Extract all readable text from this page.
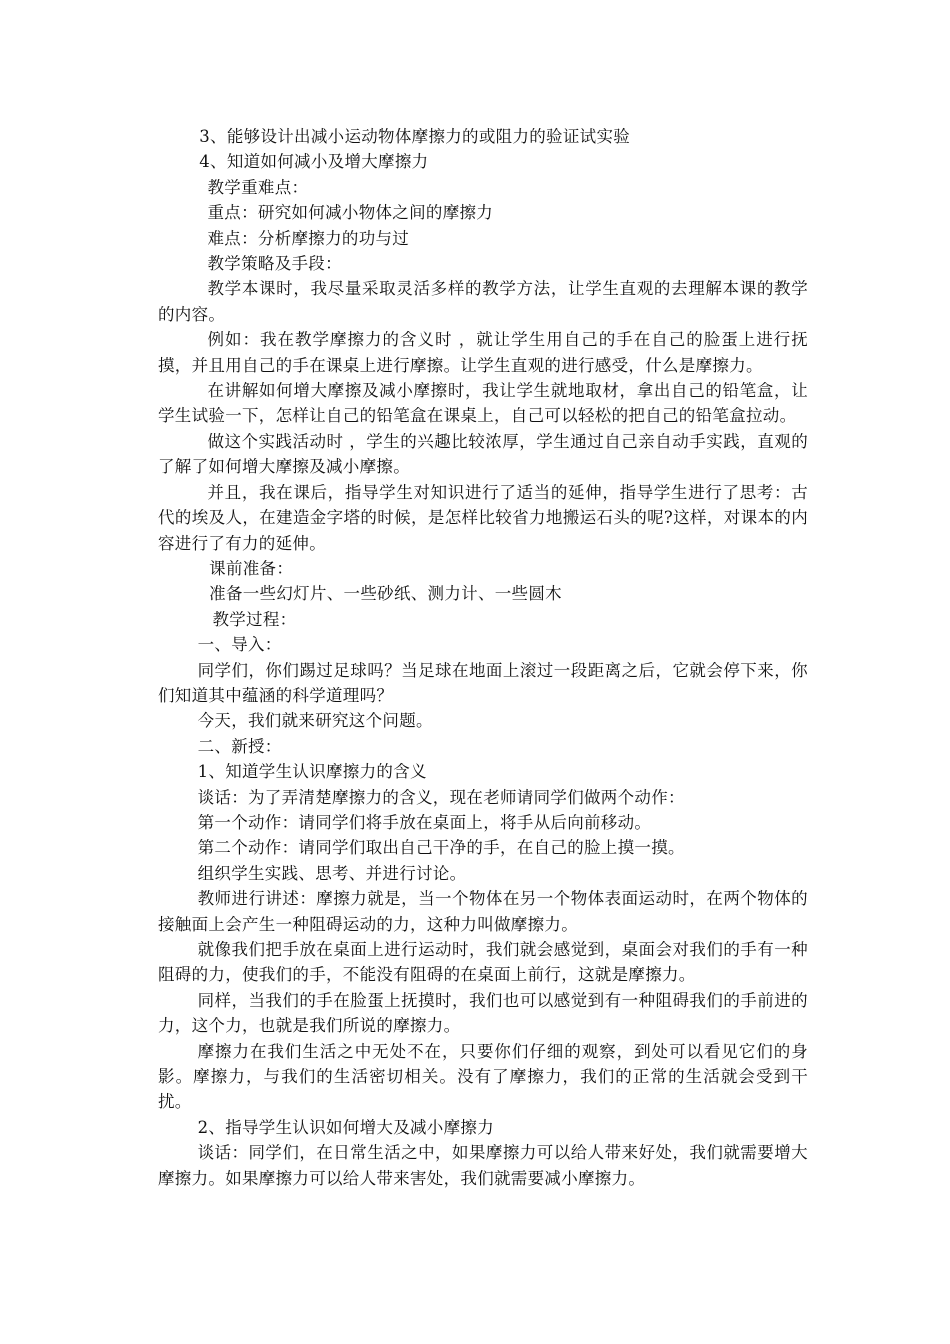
3、能够设计出减小运动物体摩擦力的或阻力的验证试实验

4、知道如何减小及增大摩擦力

教学重难点：

重点：研究如何减小物体之间的摩擦力

难点：分析摩擦力的功与过

教学策略及手段：

教学本课时，我尽量采取灵活多样的教学方法，让学生直观的去理解本课的教学的内容。

例如：我在教学摩擦力的含义时 ，就让学生用自己的手在自己的脸蛋上进行抚摸，并且用自己的手在课桌上进行摩擦。让学生直观的进行感受，什么是摩擦力。

在讲解如何增大摩擦及减小摩擦时，我让学生就地取材，拿出自己的铅笔盒，让学生试验一下，怎样让自己的铅笔盒在课桌上，自己可以轻松的把自己的铅笔盒拉动。

做这个实践活动时 ，学生的兴趣比较浓厚，学生通过自己亲自动手实践，直观的了解了如何增大摩擦及减小摩擦。

并且，我在课后，指导学生对知识进行了适当的延伸，指导学生进行了思考：古代的埃及人，在建造金字塔的时候，是怎样比较省力地搬运石头的呢?这样，对课本的内容进行了有力的延伸。

课前准备：

准备一些幻灯片、一些砂纸、测力计、一些圆木

教学过程：

一、导入：

同学们，你们踢过足球吗？当足球在地面上滚过一段距离之后，它就会停下来，你们知道其中蕴涵的科学道理吗？

今天，我们就来研究这个问题。

二、新授：

1、知道学生认识摩擦力的含义

谈话：为了弄清楚摩擦力的含义，现在老师请同学们做两个动作：

第一个动作：请同学们将手放在桌面上，将手从后向前移动。

第二个动作：请同学们取出自己干净的手，在自己的脸上摸一摸。

组织学生实践、思考、并进行讨论。

教师进行讲述：摩擦力就是，当一个物体在另一个物体表面运动时，在两个物体的接触面上会产生一种阻碍运动的力，这种力叫做摩擦力。

就像我们把手放在桌面上进行运动时，我们就会感觉到，桌面会对我们的手有一种阻碍的力，使我们的手，不能没有阻碍的在桌面上前行，这就是摩擦力。

同样，当我们的手在脸蛋上抚摸时，我们也可以感觉到有一种阻碍我们的手前进的力，这个力，也就是我们所说的摩擦力。

摩擦力在我们生活之中无处不在，只要你们仔细的观察，到处可以看见它们的身影。摩擦力，与我们的生活密切相关。没有了摩擦力，我们的正常的生活就会受到干扰。

2、指导学生认识如何增大及减小摩擦力

谈话：同学们，在日常生活之中，如果摩擦力可以给人带来好处，我们就需要增大摩擦力。如果摩擦力可以给人带来害处，我们就需要减小摩擦力。
